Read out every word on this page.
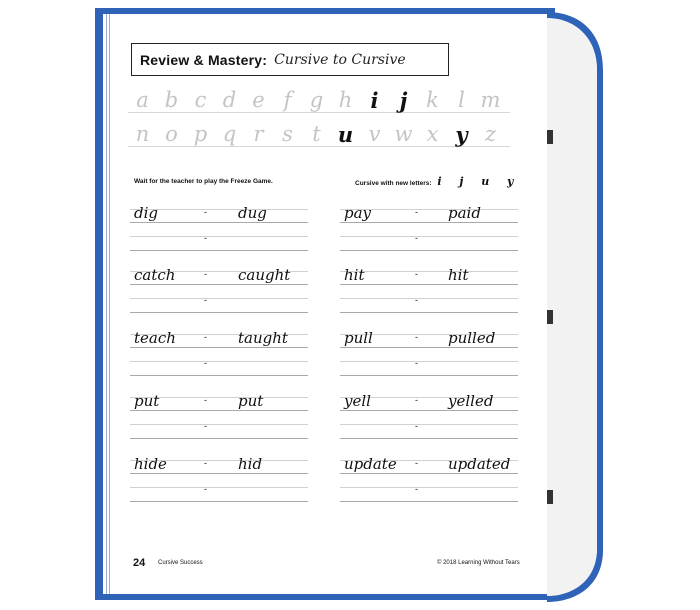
Review & Mastery: Cursive to Cursive
a b c d e f g h i	j k l m
n o p q r s t u v w x y z
Wait for the teacher to play the Freeze Game.	Cursive with new letters: i j u y
dig	- dug
-
catch	- caught
-
teach	- taught
-
put	- put
-
hide	- hid
-
pay	- paid
-
hit	- hit
-
pull	- pulled
-
yell	- yelled
-
update - updated
-
24 Cursive Success	© 2018 Learning Without Tears
